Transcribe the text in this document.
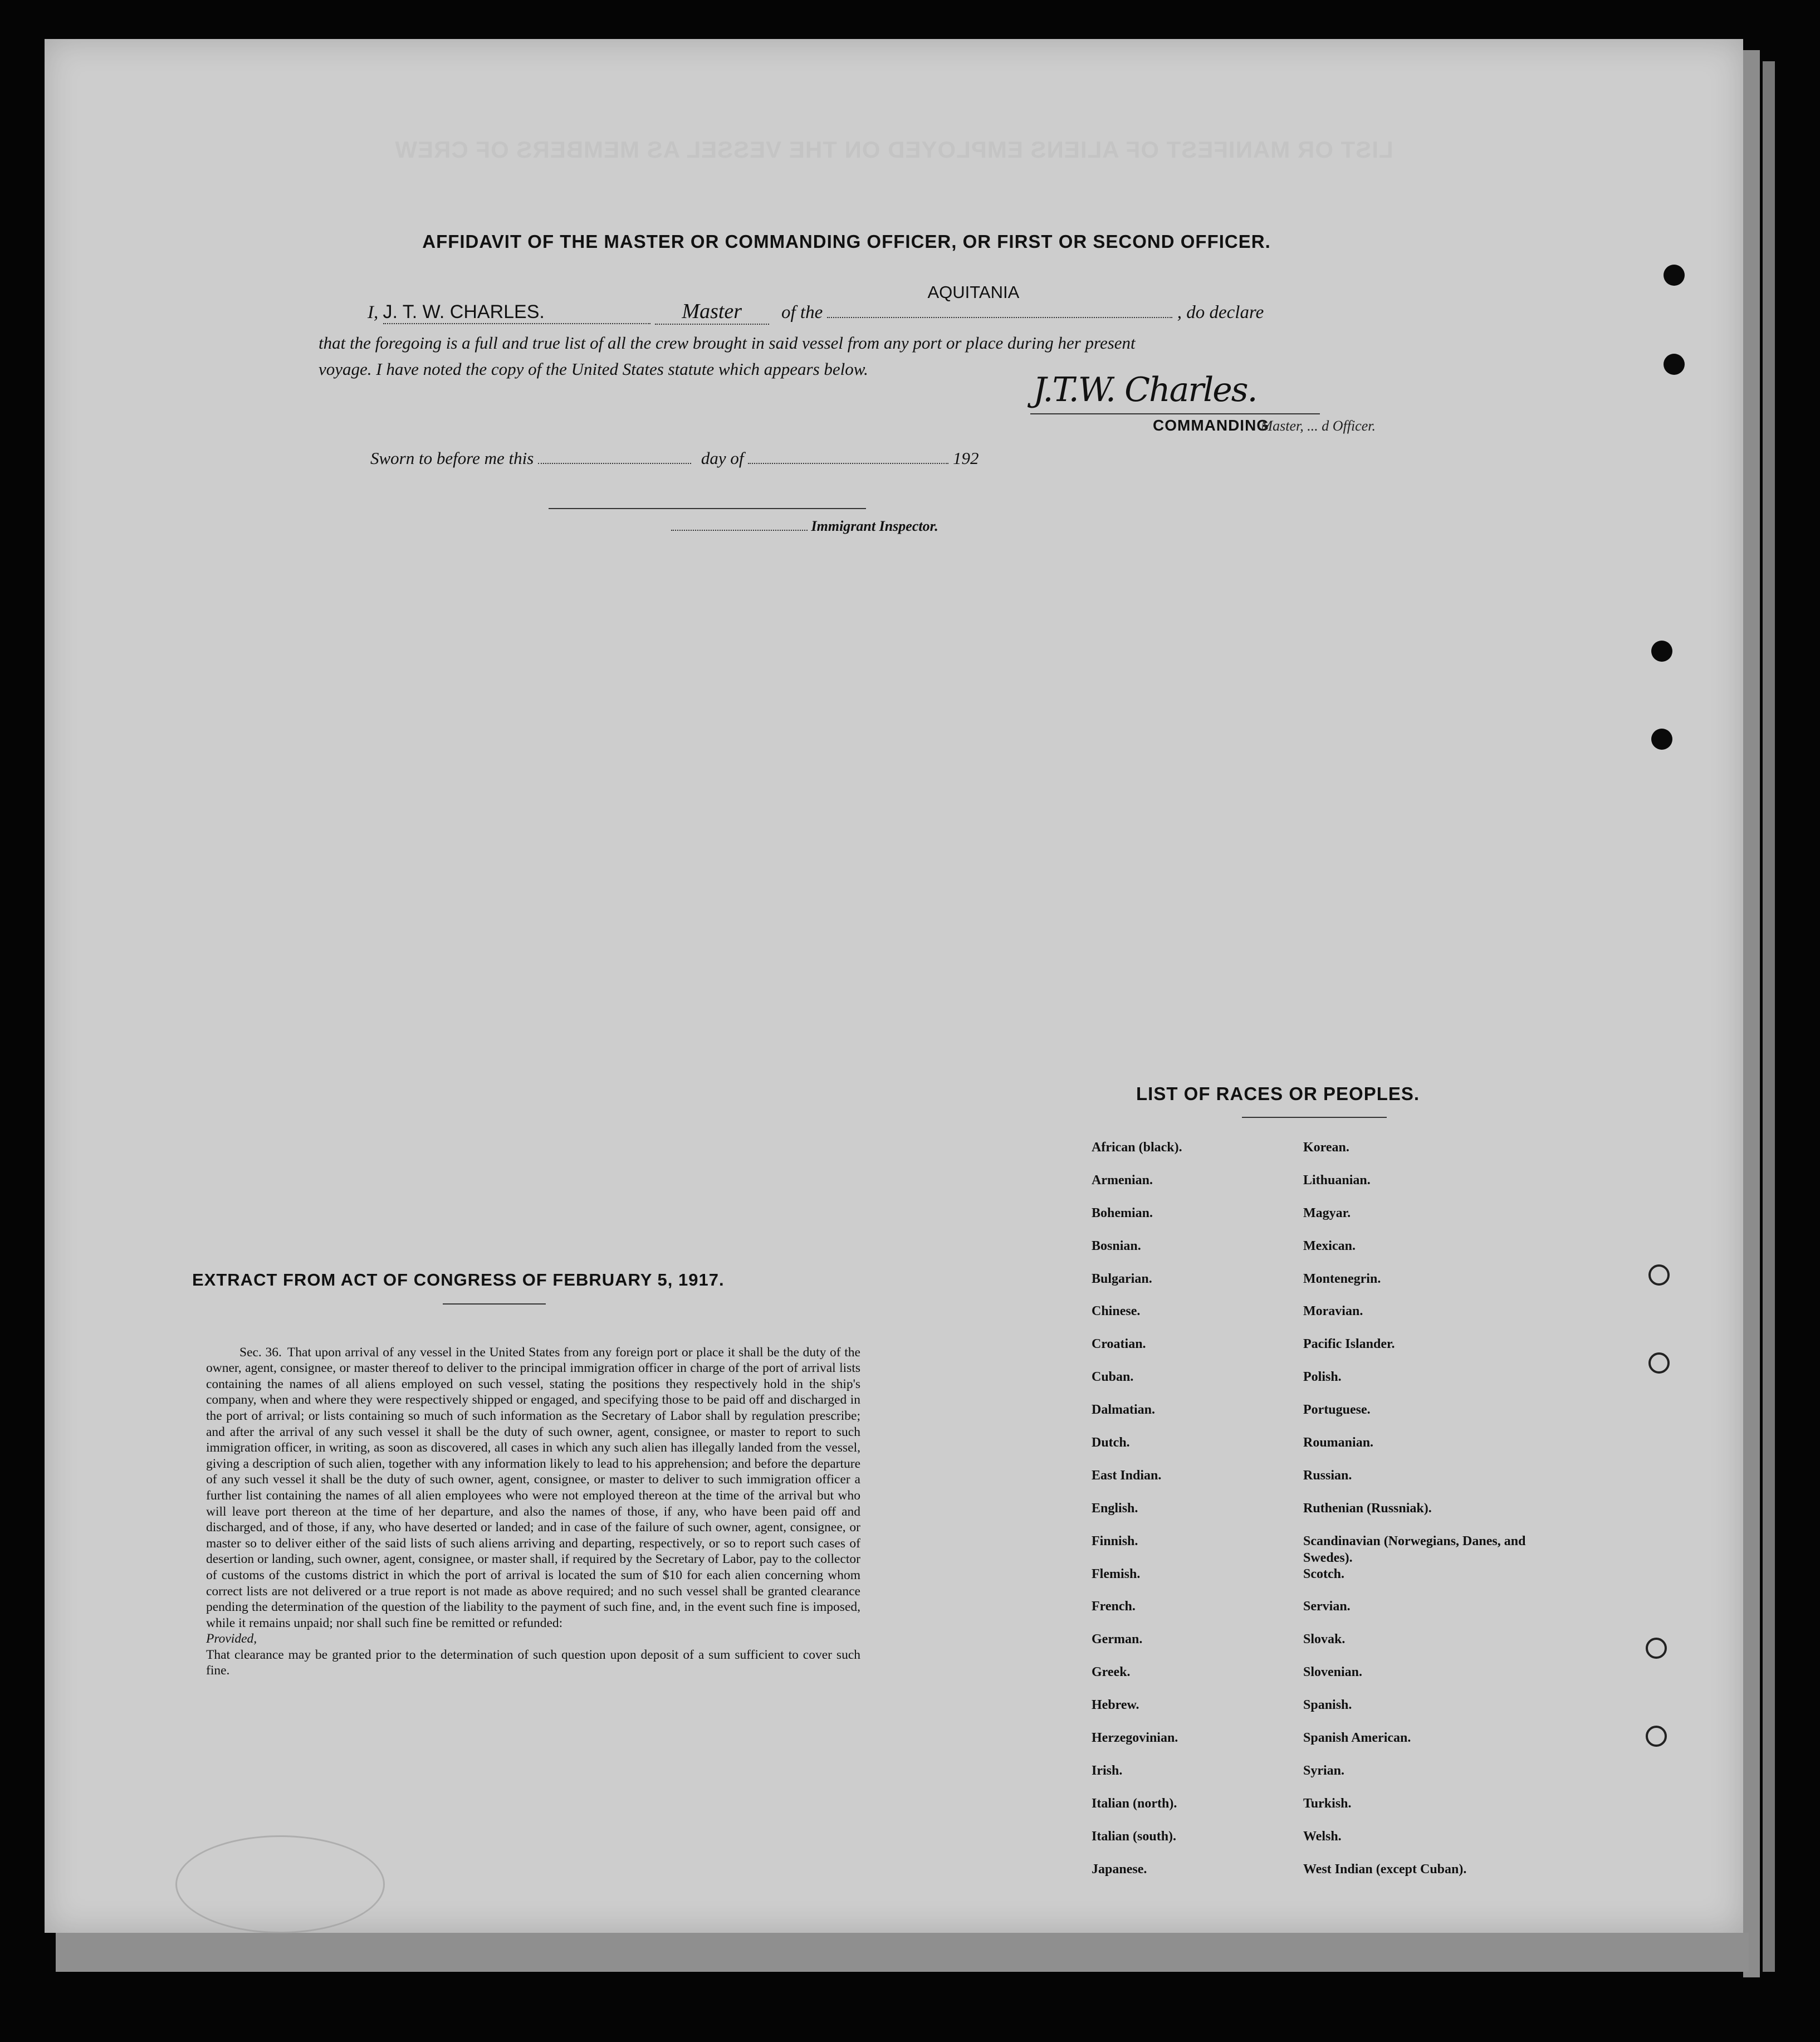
LIST OR MANIFEST OF ALIENS EMPLOYED ON THE VESSEL AS MEMBERS OF CREW
AFFIDAVIT OF THE MASTER OR COMMANDING OFFICER, OR FIRST OR SECOND OFFICER.
I, J. T. W. CHARLES.	Master of the
AQUITANIA
, do declare
that the foregoing is a full and true list of all the crew brought in said vessel from any port or place during her present
voyage. I have noted the copy of the United States statute which appears below.
J.T.W. Charles.
COMMANDING
Master, ... d Officer.
Sworn to before me this	day of	192
Immigrant Inspector.
EXTRACT FROM ACT OF CONGRESS OF FEBRUARY 5, 1917.

Sec. 36. That upon arrival of any vessel in the United States from any foreign port or place it shall be the duty of the owner, agent, consignee, or master thereof to deliver to the principal immigration officer in charge of the port of arrival lists containing the names of all aliens employed on such vessel, stating the positions they respectively hold in the ship's company, when and where they were respectively shipped or engaged, and specifying those to be paid off and discharged in the port of arrival; or lists containing so much of such information as the Secretary of Labor shall by regulation prescribe; and after the arrival of any such vessel it shall be the duty of such owner, agent, consignee, or master to report to such immigration officer, in writing, as soon as discovered, all cases in which any such alien has illegally landed from the vessel, giving a description of such alien, together with any information likely to lead to his apprehension; and before the departure of any such vessel it shall be the duty of such owner, agent, consignee, or master to deliver to such immigration officer a further list containing the names of all alien employees who were not employed thereon at the time of the arrival but who will leave port thereon at the time of her departure, and also the names of those, if any, who have been paid off and discharged, and of those, if any, who have deserted or landed; and in case of the failure of such owner, agent, consignee, or master so to deliver either of the said lists of such aliens arriving and departing, respectively, or so to report such cases of desertion or landing, such owner, agent, consignee, or master shall, if required by the Secretary of Labor, pay to the collector of customs of the customs district in which the port of arrival is located the sum of $10 for each alien concerning whom correct lists are not delivered or a true report is not made as above required; and no such vessel shall be granted clearance pending the determination of the question of the liability to the payment of such fine, and, in the event such fine is imposed, while it remains unpaid; nor shall such fine be remitted or refunded:
Provided,
That clearance may be granted prior to the determination of such question upon deposit of a sum sufficient to cover such fine.

LIST OF RACES OR PEOPLES.
African (black).
Armenian.
Bohemian.
Bosnian.
Bulgarian.
Chinese.
Croatian.
Cuban.
Dalmatian.
Dutch.
East Indian.
English.
Finnish.
Flemish.
French.
German.
Greek.
Hebrew.
Herzegovinian.
Irish.
Italian (north).
Italian (south).
Japanese.
Korean.
Lithuanian.
Magyar.
Mexican.
Montenegrin.
Moravian.
Pacific Islander.
Polish.
Portuguese.
Roumanian.
Russian.
Ruthenian (Russniak).
Scandinavian (Norwegians, Danes, and Swedes).
Scotch.
Servian.
Slovak.
Slovenian.
Spanish.
Spanish American.
Syrian.
Turkish.
Welsh.
West Indian (except Cuban).
